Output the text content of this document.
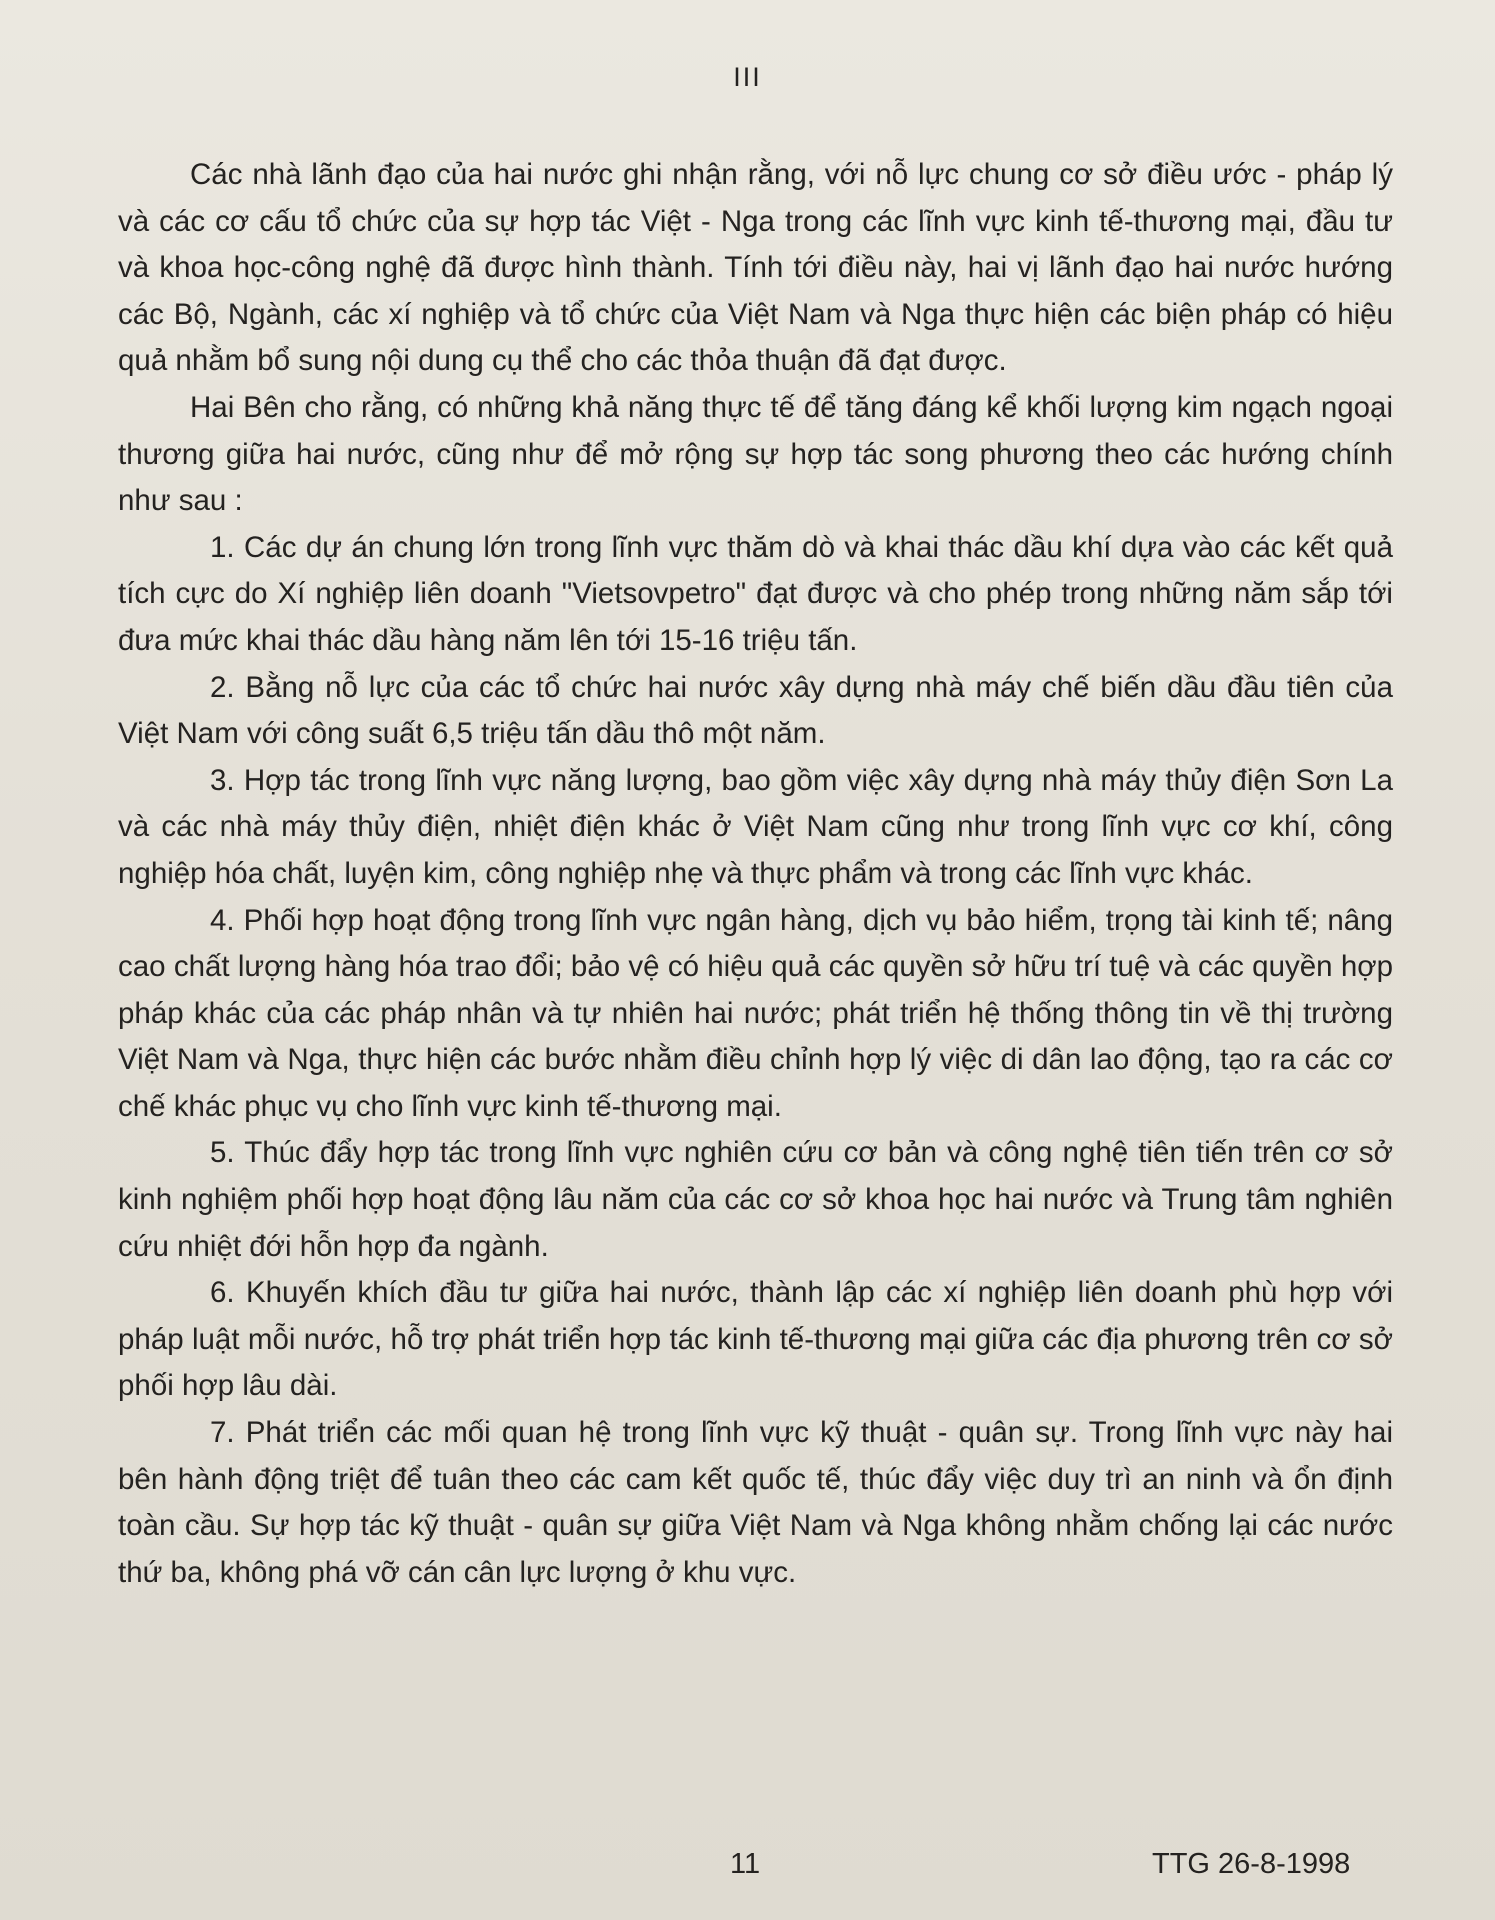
III

Các nhà lãnh đạo của hai nước ghi nhận rằng, với nỗ lực chung cơ sở điều ước - pháp lý và các cơ cấu tổ chức của sự hợp tác Việt - Nga trong các lĩnh vực kinh tế-thương mại, đầu tư và khoa học-công nghệ đã được hình thành. Tính tới điều này, hai vị lãnh đạo hai nước hướng các Bộ, Ngành, các xí nghiệp và tổ chức của Việt Nam và Nga thực hiện các biện pháp có hiệu quả nhằm bổ sung nội dung cụ thể cho các thỏa thuận đã đạt được.

Hai Bên cho rằng, có những khả năng thực tế để tăng đáng kể khối lượng kim ngạch ngoại thương giữa hai nước, cũng như để mở rộng sự hợp tác song phương theo các hướng chính như sau :

1. Các dự án chung lớn trong lĩnh vực thăm dò và khai thác dầu khí dựa vào các kết quả tích cực do Xí nghiệp liên doanh "Vietsovpetro" đạt được và cho phép trong những năm sắp tới đưa mức khai thác dầu hàng năm lên tới 15-16 triệu tấn.

2. Bằng nỗ lực của các tổ chức hai nước xây dựng nhà máy chế biến dầu đầu tiên của Việt Nam với công suất 6,5 triệu tấn dầu thô một năm.

3. Hợp tác trong lĩnh vực năng lượng, bao gồm việc xây dựng nhà máy thủy điện Sơn La và các nhà máy thủy điện, nhiệt điện khác ở Việt Nam cũng như trong lĩnh vực cơ khí, công nghiệp hóa chất, luyện kim, công nghiệp nhẹ và thực phẩm và trong các lĩnh vực khác.

4. Phối hợp hoạt động trong lĩnh vực ngân hàng, dịch vụ bảo hiểm, trọng tài kinh tế; nâng cao chất lượng hàng hóa trao đổi; bảo vệ có hiệu quả các quyền sở hữu trí tuệ và các quyền hợp pháp khác của các pháp nhân và tự nhiên hai nước; phát triển hệ thống thông tin về thị trường Việt Nam và Nga, thực hiện các bước nhằm điều chỉnh hợp lý việc di dân lao động, tạo ra các cơ chế khác phục vụ cho lĩnh vực kinh tế-thương mại.

5. Thúc đẩy hợp tác trong lĩnh vực nghiên cứu cơ bản và công nghệ tiên tiến trên cơ sở kinh nghiệm phối hợp hoạt động lâu năm của các cơ sở khoa học hai nước và Trung tâm nghiên cứu nhiệt đới hỗn hợp đa ngành.

6. Khuyến khích đầu tư giữa hai nước, thành lập các xí nghiệp liên doanh phù hợp với pháp luật mỗi nước, hỗ trợ phát triển hợp tác kinh tế-thương mại giữa các địa phương trên cơ sở phối hợp lâu dài.

7. Phát triển các mối quan hệ trong lĩnh vực kỹ thuật - quân sự. Trong lĩnh vực này hai bên hành động triệt để tuân theo các cam kết quốc tế, thúc đẩy việc duy trì an ninh và ổn định toàn cầu. Sự hợp tác kỹ thuật - quân sự giữa Việt Nam và Nga không nhằm chống lại các nước thứ ba, không phá vỡ cán cân lực lượng ở khu vực.

11	TTG 26-8-1998
